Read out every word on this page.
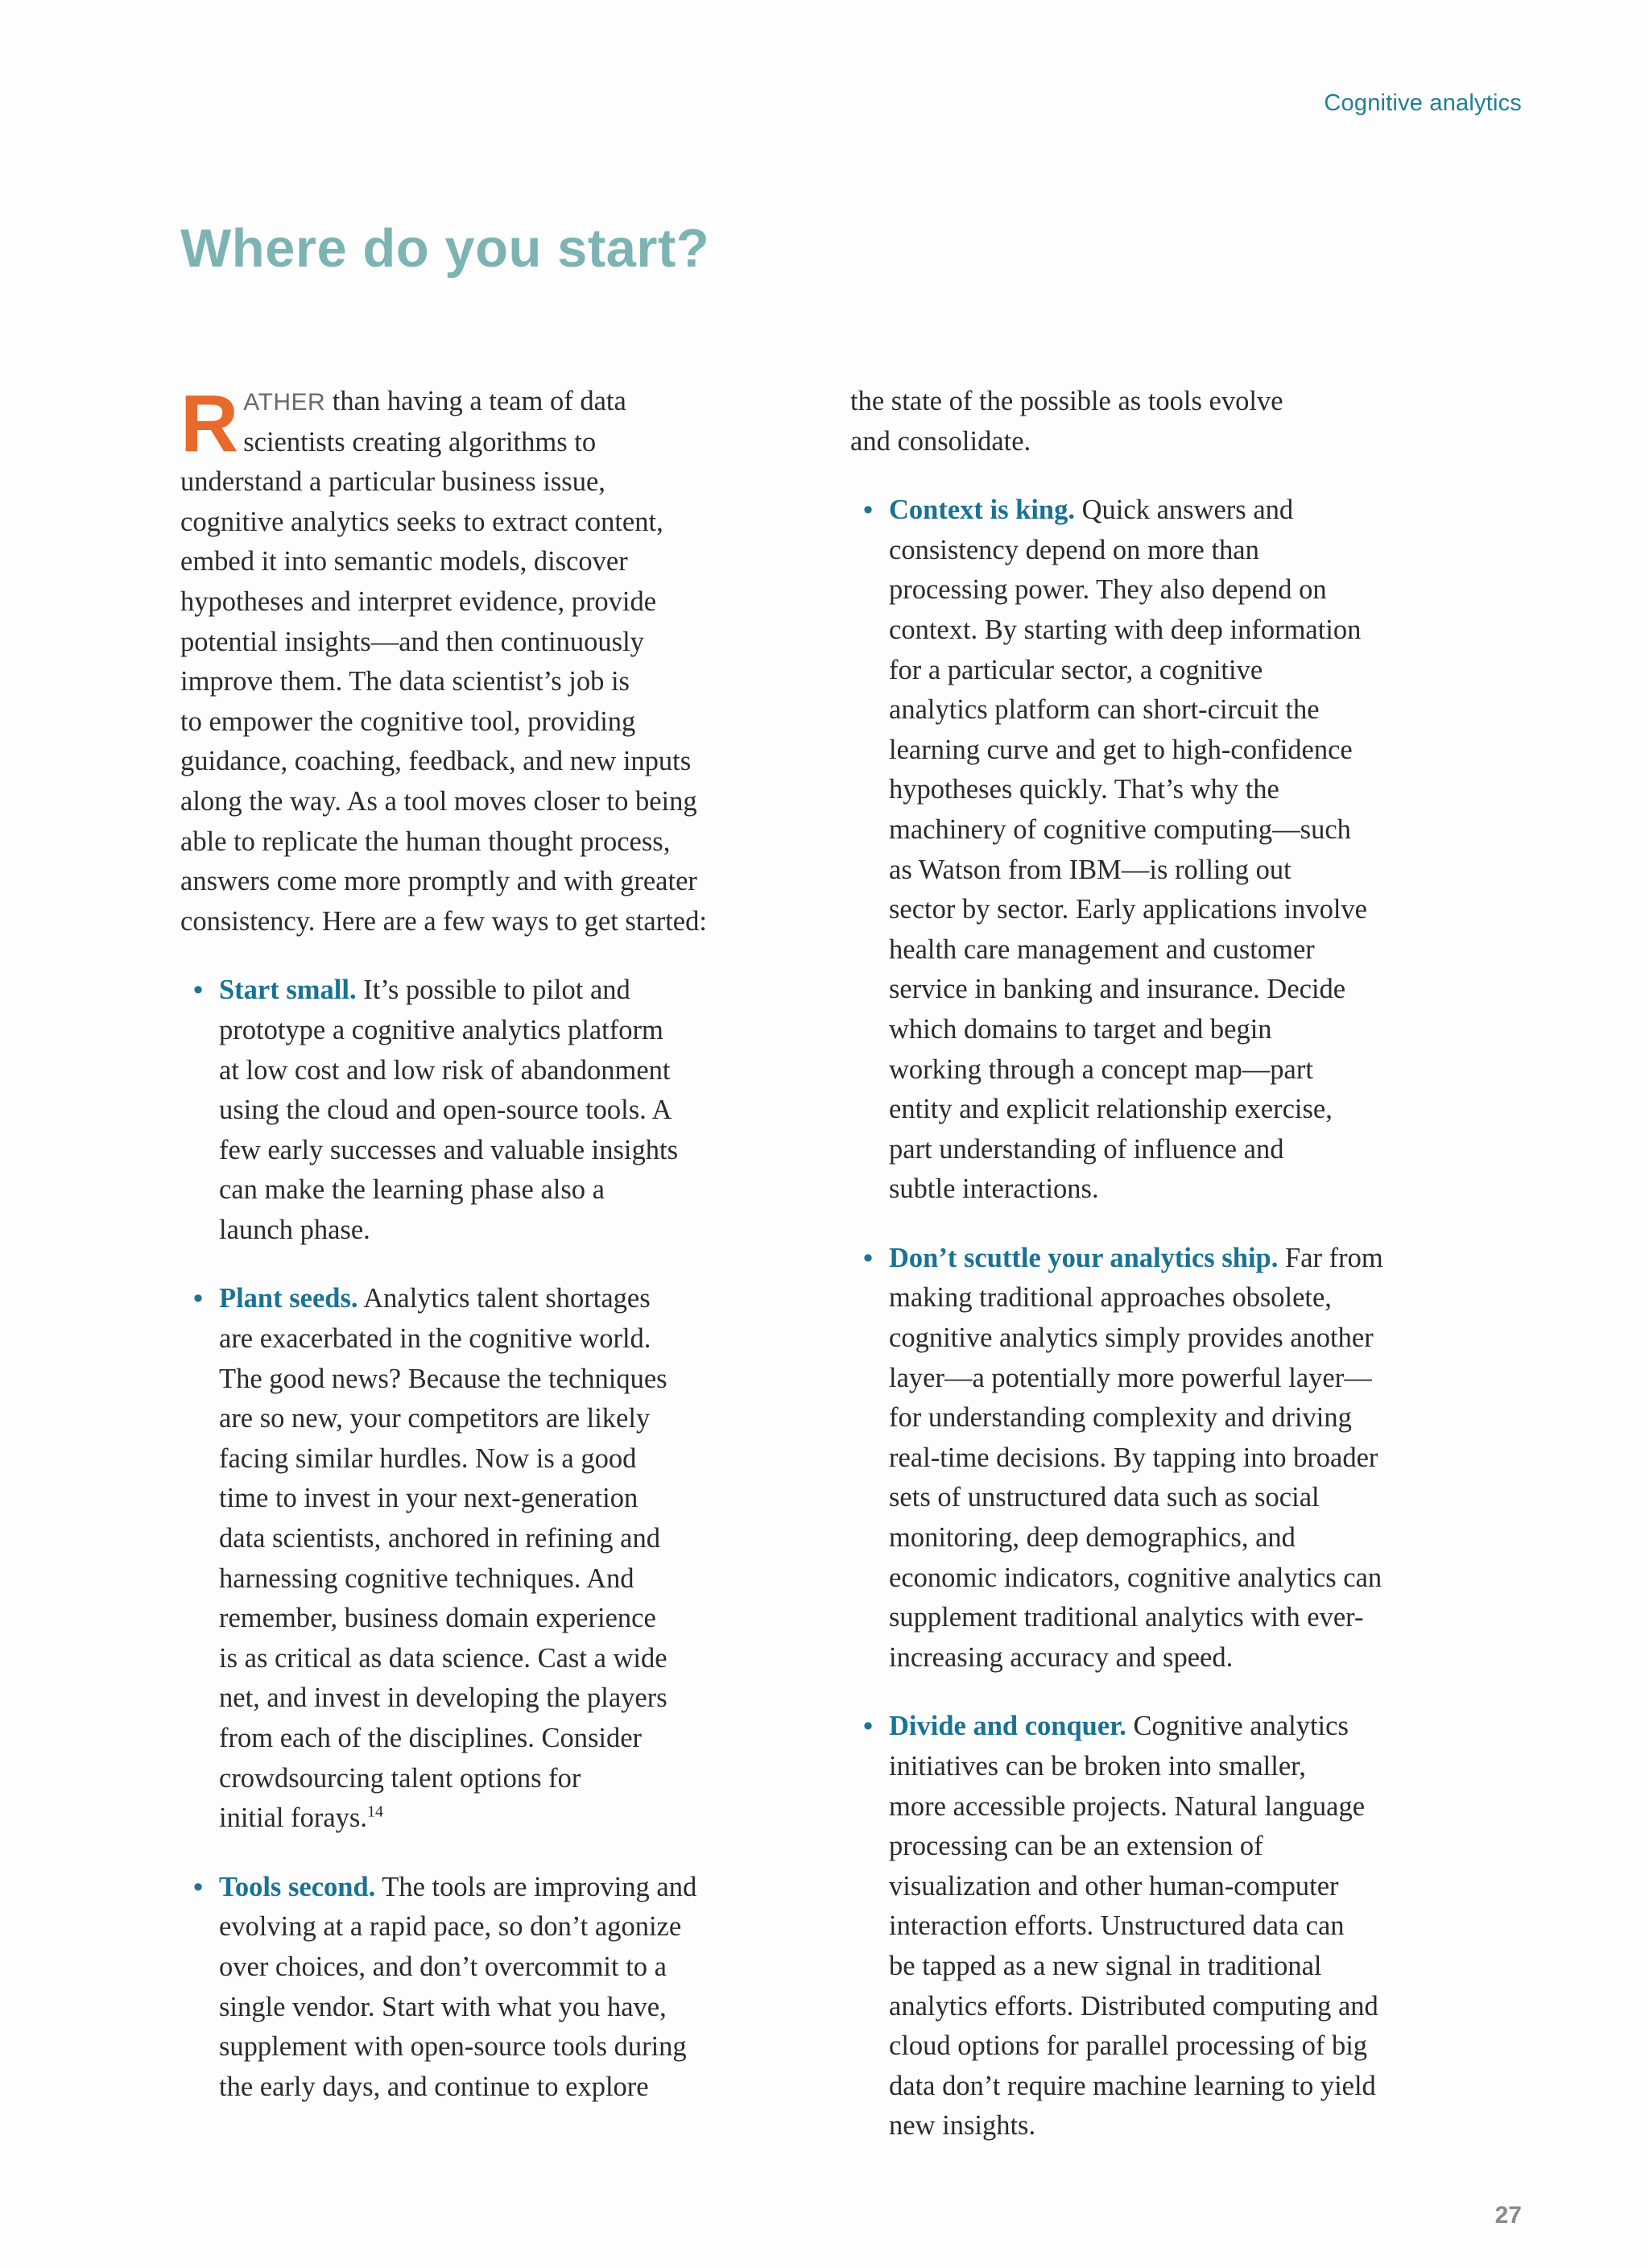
Cognitive analytics
Where do you start?

RATHER than having a team of data
scientists creating algorithms to
understand a particular business issue,
cognitive analytics seeks to extract content,
embed it into semantic models, discover
hypotheses and interpret evidence, provide
potential insights—and then continuously
improve them. The data scientist’s job is
to empower the cognitive tool, providing
guidance, coaching, feedback, and new inputs
along the way. As a tool moves closer to being
able to replicate the human thought process,
answers come more promptly and with greater
consistency. Here are a few ways to get started:

• Start small. It’s possible to pilot and
prototype a cognitive analytics platform
at low cost and low risk of abandonment
using the cloud and open-source tools. A
few early successes and valuable insights
can make the learning phase also a
launch phase.
• Plant seeds. Analytics talent shortages
are exacerbated in the cognitive world.
The good news? Because the techniques
are so new, your competitors are likely
facing similar hurdles. Now is a good
time to invest in your next-generation
data scientists, anchored in refining and
harnessing cognitive techniques. And
remember, business domain experience
is as critical as data science. Cast a wide
net, and invest in developing the players
from each of the disciplines. Consider
crowdsourcing talent options for
initial forays.$^{14}$
• Tools second. The tools are improving and
evolving at a rapid pace, so don’t agonize
over choices, and don’t overcommit to a
single vendor. Start with what you have,
supplement with open-source tools during
the early days, and continue to explore
the state of the possible as tools evolve
and consolidate.
• Context is king. Quick answers and
consistency depend on more than
processing power. They also depend on
context. By starting with deep information
for a particular sector, a cognitive
analytics platform can short-circuit the
learning curve and get to high-confidence
hypotheses quickly. That’s why the
machinery of cognitive computing—such
as Watson from IBM—is rolling out
sector by sector. Early applications involve
health care management and customer
service in banking and insurance. Decide
which domains to target and begin
working through a concept map—part
entity and explicit relationship exercise,
part understanding of influence and
subtle interactions.
• Don’t scuttle your analytics ship. Far from
making traditional approaches obsolete,
cognitive analytics simply provides another
layer—a potentially more powerful layer—
for understanding complexity and driving
real-time decisions. By tapping into broader
sets of unstructured data such as social
monitoring, deep demographics, and
economic indicators, cognitive analytics can
supplement traditional analytics with ever-
increasing accuracy and speed.
• Divide and conquer. Cognitive analytics
initiatives can be broken into smaller,
more accessible projects. Natural language
processing can be an extension of
visualization and other human-computer
interaction efforts. Unstructured data can
be tapped as a new signal in traditional
analytics efforts. Distributed computing and
cloud options for parallel processing of big
data don’t require machine learning to yield
new insights.
27
